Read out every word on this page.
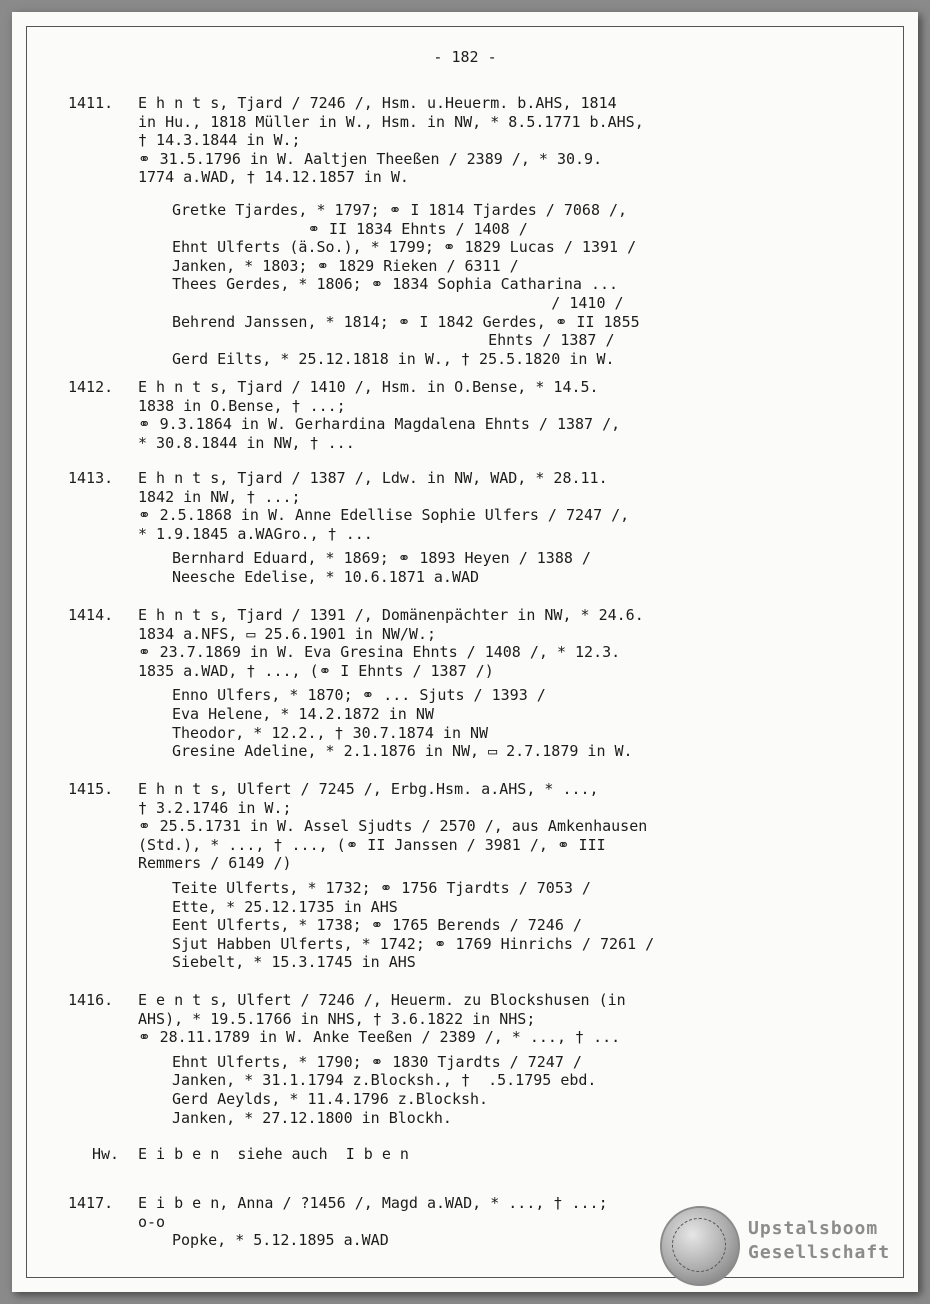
- 182 -
1411.	E h n t s, Tjard / 7246 /, Hsm. u.Heuerm. b.AHS, 1814
in Hu., 1818 Müller in W., Hsm. in NW, * 8.5.1771 b.AHS,
† 14.3.1844 in W.;
⚭ 31.5.1796 in W. Aaltjen Theeßen / 2389 /, * 30.9.
1774 a.WAD, † 14.12.1857 in W.
Gretke Tjardes, * 1797; ⚭ I 1814 Tjardes / 7068 /,
⚭ II 1834 Ehnts / 1408 /
Ehnt Ulferts (ä.So.), * 1799; ⚭ 1829 Lucas / 1391 /
Janken, * 1803; ⚭ 1829 Rieken / 6311 /
Thees Gerdes, * 1806; ⚭ 1834 Sophia Catharina ...
/ 1410 /
Behrend Janssen, * 1814; ⚭ I 1842 Gerdes, ⚭ II 1855
Ehnts / 1387 /
Gerd Eilts, * 25.12.1818 in W., † 25.5.1820 in W.
1412.	E h n t s, Tjard / 1410 /, Hsm. in O.Bense, * 14.5.
1838 in O.Bense, † ...;
⚭ 9.3.1864 in W. Gerhardina Magdalena Ehnts / 1387 /,
* 30.8.1844 in NW, † ...
1413.	E h n t s, Tjard / 1387 /, Ldw. in NW, WAD, * 28.11.
1842 in NW, † ...;
⚭ 2.5.1868 in W. Anne Edellise Sophie Ulfers / 7247 /,
* 1.9.1845 a.WAGro., † ...
Bernhard Eduard, * 1869; ⚭ 1893 Heyen / 1388 /
Neesche Edelise, * 10.6.1871 a.WAD
1414.	E h n t s, Tjard / 1391 /, Domänenpächter in NW, * 24.6.
1834 a.NFS, ▭ 25.6.1901 in NW/W.;
⚭ 23.7.1869 in W. Eva Gresina Ehnts / 1408 /, * 12.3.
1835 a.WAD, † ..., (⚭ I Ehnts / 1387 /)
Enno Ulfers, * 1870; ⚭ ... Sjuts / 1393 /
Eva Helene, * 14.2.1872 in NW
Theodor, * 12.2., † 30.7.1874 in NW
Gresine Adeline, * 2.1.1876 in NW, ▭ 2.7.1879 in W.
1415.	E h n t s, Ulfert / 7245 /, Erbg.Hsm. a.AHS, * ...,
† 3.2.1746 in W.;
⚭ 25.5.1731 in W. Assel Sjudts / 2570 /, aus Amkenhausen
(Std.), * ..., † ..., (⚭ II Janssen / 3981 /, ⚭ III
Remmers / 6149 /)
Teite Ulferts, * 1732; ⚭ 1756 Tjardts / 7053 /
Ette, * 25.12.1735 in AHS
Eent Ulferts, * 1738; ⚭ 1765 Berends / 7246 /
Sjut Habben Ulferts, * 1742; ⚭ 1769 Hinrichs / 7261 /
Siebelt, * 15.3.1745 in AHS
1416.	E e n t s, Ulfert / 7246 /, Heuerm. zu Blockshusen (in
AHS), * 19.5.1766 in NHS, † 3.6.1822 in NHS;
⚭ 28.11.1789 in W. Anke Teeßen / 2389 /, * ..., † ...
Ehnt Ulferts, * 1790; ⚭ 1830 Tjardts / 7247 /
Janken, * 31.1.1794 z.Blocksh., †  .5.1795 ebd.
Gerd Aeylds, * 11.4.1796 z.Blocksh.
Janken, * 27.12.1800 in Blockh.
Hw.	E i b e n  siehe auch  I b e n
1417.	E i b e n, Anna / ?1456 /, Magd a.WAD, * ..., † ...;
o-o
Popke, * 5.12.1895 a.WAD
Upstalsboom
Gesellschaft
